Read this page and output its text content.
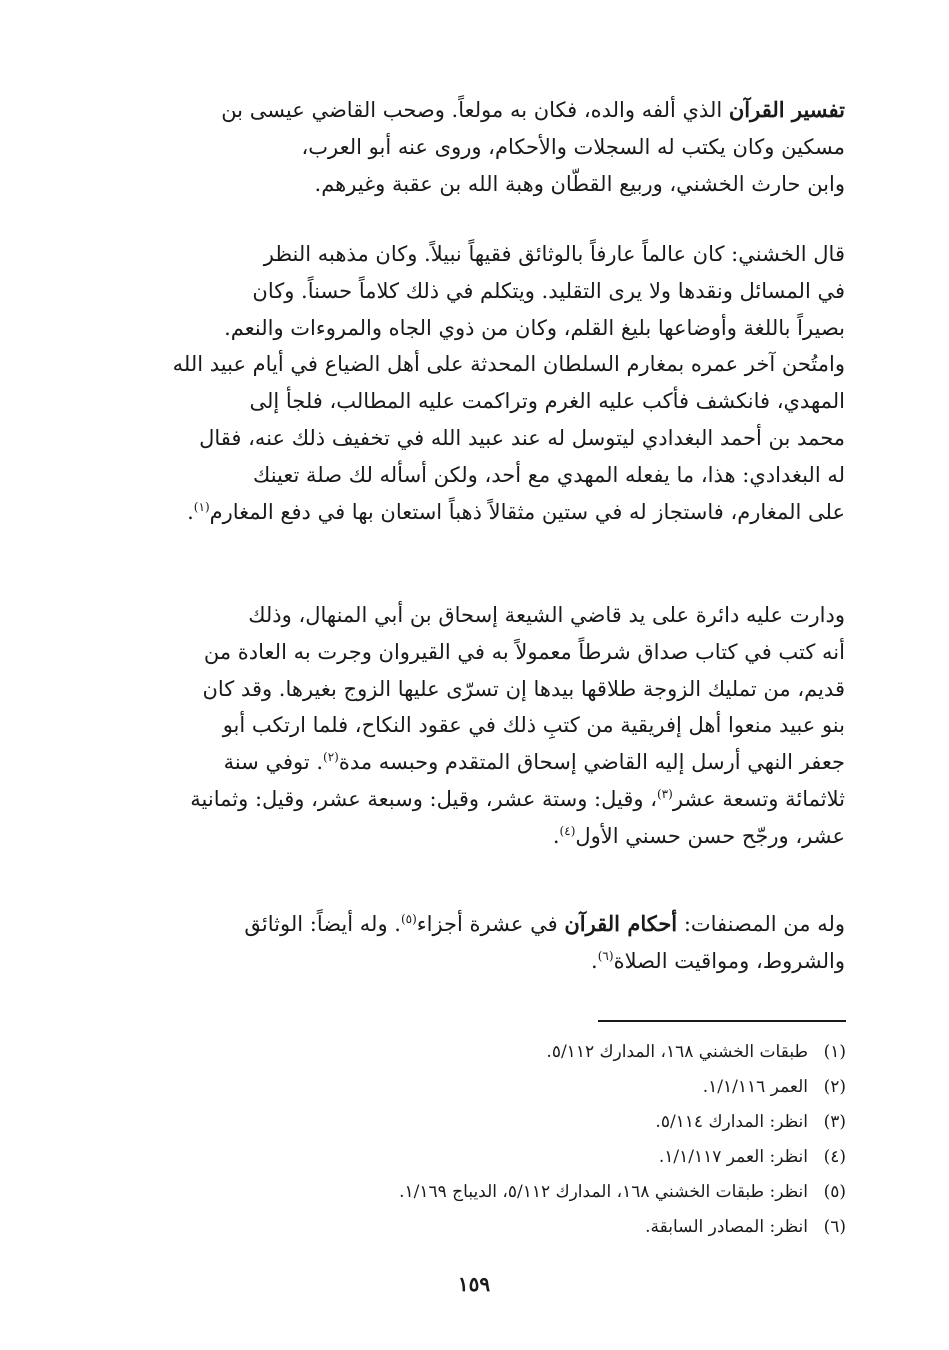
تفسير القرآن الذي ألفه والده، فكان به مولعاً. وصحب القاضي عيسى بن
مسكين وكان يكتب له السجلات والأحكام، وروى عنه أبو العرب،
وابن حارث الخشني، وربيع القطّان وهبة الله بن عقبة وغيرهم.
قال الخشني: كان عالماً عارفاً بالوثائق فقيهاً نبيلاً. وكان مذهبه النظر
في المسائل ونقدها ولا يرى التقليد. ويتكلم في ذلك كلاماً حسناً. وكان
بصيراً باللغة وأوضاعها بليغ القلم، وكان من ذوي الجاه والمروءات والنعم.
وامتُحن آخر عمره بمغارم السلطان المحدثة على أهل الضياع في أيام عبيد الله
المهدي، فانكشف فأكب عليه الغرم وتراكمت عليه المطالب، فلجأ إلى
محمد بن أحمد البغدادي ليتوسل له عند عبيد الله في تخفيف ذلك عنه، فقال
له البغدادي: هذا، ما يفعله المهدي مع أحد، ولكن أسأله لك صلة تعينك
على المغارم، فاستجاز له في ستين مثقالاً ذهباً استعان بها في دفع المغارم$^{(١)}$.
ودارت عليه دائرة على يد قاضي الشيعة إسحاق بن أبي المنهال، وذلك
أنه كتب في كتاب صداق شرطاً معمولاً به في القيروان وجرت به العادة من
قديم، من تمليك الزوجة طلاقها بيدها إن تسرّى عليها الزوج بغيرها. وقد كان
بنو عبيد منعوا أهل إفريقية من كتبِ ذلك في عقود النكاح، فلما ارتكب أبو
جعفر النهي أرسل إليه القاضي إسحاق المتقدم وحبسه مدة$^{(٢)}$. توفي سنة
ثلاثمائة وتسعة عشر$^{(٣)}$، وقيل: وستة عشر، وقيل: وسبعة عشر، وقيل: وثمانية
عشر، ورجّح حسن حسني الأول$^{(٤)}$.
وله من المصنفات: أحكام القرآن في عشرة أجزاء$^{(٥)}$. وله أيضاً: الوثائق
والشروط، ومواقيت الصلاة$^{(٦)}$.
(١)طبقات الخشني ١٦٨، المدارك ٥/١١٢.
(٢)العمر ١/١/١١٦.
(٣)انظر: المدارك ٥/١١٤.
(٤)انظر: العمر ١/١/١١٧.
(٥)انظر: طبقات الخشني ١٦٨، المدارك ٥/١١٢، الديباج ١/١٦٩.
(٦)انظر: المصادر السابقة.
١٥٩
